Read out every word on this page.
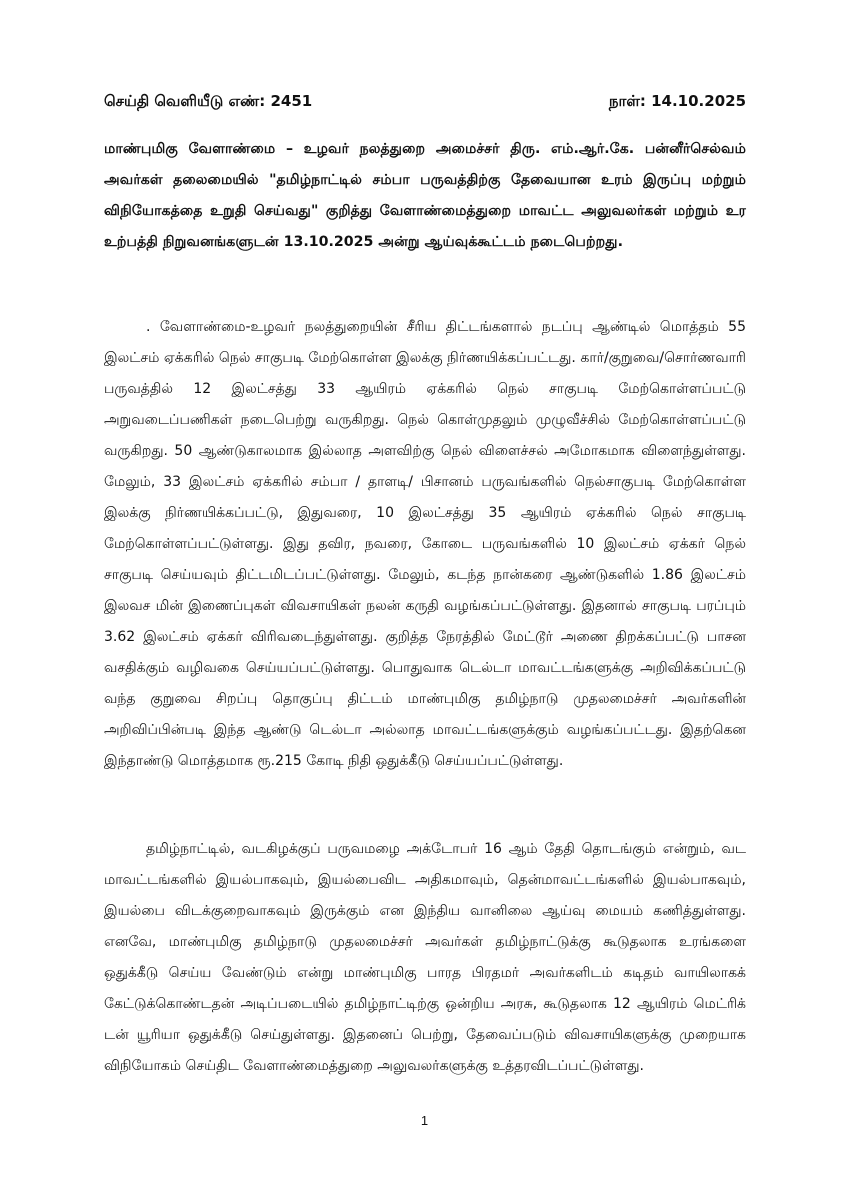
செய்தி வெளியீடு எண்: 2451	நாள்: 14.10.2025
மாண்புமிகு வேளாண்மை – உழவர் நலத்துறை அமைச்சர் திரு. எம்.ஆர்.கே. பன்னீர்செல்வம் அவர்கள் தலைமையில் "தமிழ்நாட்டில் சம்பா பருவத்திற்கு தேவையான உரம் இருப்பு மற்றும் விநியோகத்தை உறுதி செய்வது" குறித்து வேளாண்மைத்துறை மாவட்ட அலுவலர்கள் மற்றும் உர உற்பத்தி நிறுவனங்களுடன் 13.10.2025 அன்று ஆய்வுக்கூட்டம் நடைபெற்றது.

. வேளாண்மை-உழவர் நலத்துறையின் சீரிய திட்டங்களால் நடப்பு ஆண்டில் மொத்தம் 55 இலட்சம் ஏக்கரில் நெல் சாகுபடி மேற்கொள்ள இலக்கு நிர்ணயிக்கப்பட்டது. கார்/குறுவை/சொர்ணவாரி பருவத்தில் 12 இலட்சத்து 33 ஆயிரம் ஏக்கரில் நெல் சாகுபடி மேற்கொள்ளப்பட்டு அறுவடைப்பணிகள் நடைபெற்று வருகிறது. நெல் கொள்முதலும் முழுவீச்சில் மேற்கொள்ளப்பட்டு வருகிறது. 50 ஆண்டுகாலமாக இல்லாத அளவிற்கு நெல் விளைச்சல் அமோகமாக விளைந்துள்ளது. மேலும், 33 இலட்சம் ஏக்கரில் சம்பா / தாளடி/ பிசானம் பருவங்களில் நெல்சாகுபடி மேற்கொள்ள இலக்கு நிர்ணயிக்கப்பட்டு, இதுவரை, 10 இலட்சத்து 35 ஆயிரம் ஏக்கரில் நெல் சாகுபடி மேற்கொள்ளப்பட்டுள்ளது. இது தவிர, நவரை, கோடை பருவங்களில் 10 இலட்சம் ஏக்கர் நெல் சாகுபடி செய்யவும் திட்டமிடப்பட்டுள்ளது. மேலும், கடந்த நான்கரை ஆண்டுகளில் 1.86 இலட்சம் இலவச மின் இணைப்புகள் விவசாயிகள் நலன் கருதி வழங்கப்பட்டுள்ளது. இதனால் சாகுபடி பரப்பும் 3.62 இலட்சம் ஏக்கர் விரிவடைந்துள்ளது. குறித்த நேரத்தில் மேட்டூர் அணை திறக்கப்பட்டு பாசன வசதிக்கும் வழிவகை செய்யப்பட்டுள்ளது. பொதுவாக டெல்டா மாவட்டங்களுக்கு அறிவிக்கப்பட்டு வந்த குறுவை சிறப்பு தொகுப்பு திட்டம் மாண்புமிகு தமிழ்நாடு முதலமைச்சர் அவர்களின் அறிவிப்பின்படி இந்த ஆண்டு டெல்டா அல்லாத மாவட்டங்களுக்கும் வழங்கப்பட்டது. இதற்கென இந்தாண்டு மொத்தமாக ரூ.215 கோடி நிதி ஒதுக்கீடு செய்யப்பட்டுள்ளது.

தமிழ்நாட்டில், வடகிழக்குப் பருவமழை அக்டோபர் 16 ஆம் தேதி தொடங்கும் என்றும், வட மாவட்டங்களில் இயல்பாகவும், இயல்பைவிட அதிகமாவும், தென்மாவட்டங்களில் இயல்பாகவும், இயல்பை விடக்குறைவாகவும் இருக்கும் என இந்திய வானிலை ஆய்வு மையம் கணித்துள்ளது. எனவே, மாண்புமிகு தமிழ்நாடு முதலமைச்சர் அவர்கள் தமிழ்நாட்டுக்கு கூடுதலாக உரங்களை ஒதுக்கீடு செய்ய வேண்டும் என்று மாண்புமிகு பாரத பிரதமர் அவர்களிடம் கடிதம் வாயிலாகக் கேட்டுக்கொண்டதன் அடிப்படையில் தமிழ்நாட்டிற்கு ஒன்றிய அரசு, கூடுதலாக 12 ஆயிரம் மெட்ரிக் டன் யூரியா ஒதுக்கீடு செய்துள்ளது. இதனைப் பெற்று, தேவைப்படும் விவசாயிகளுக்கு முறையாக விநியோகம் செய்திட வேளாண்மைத்துறை அலுவலர்களுக்கு உத்தரவிடப்பட்டுள்ளது.

1
